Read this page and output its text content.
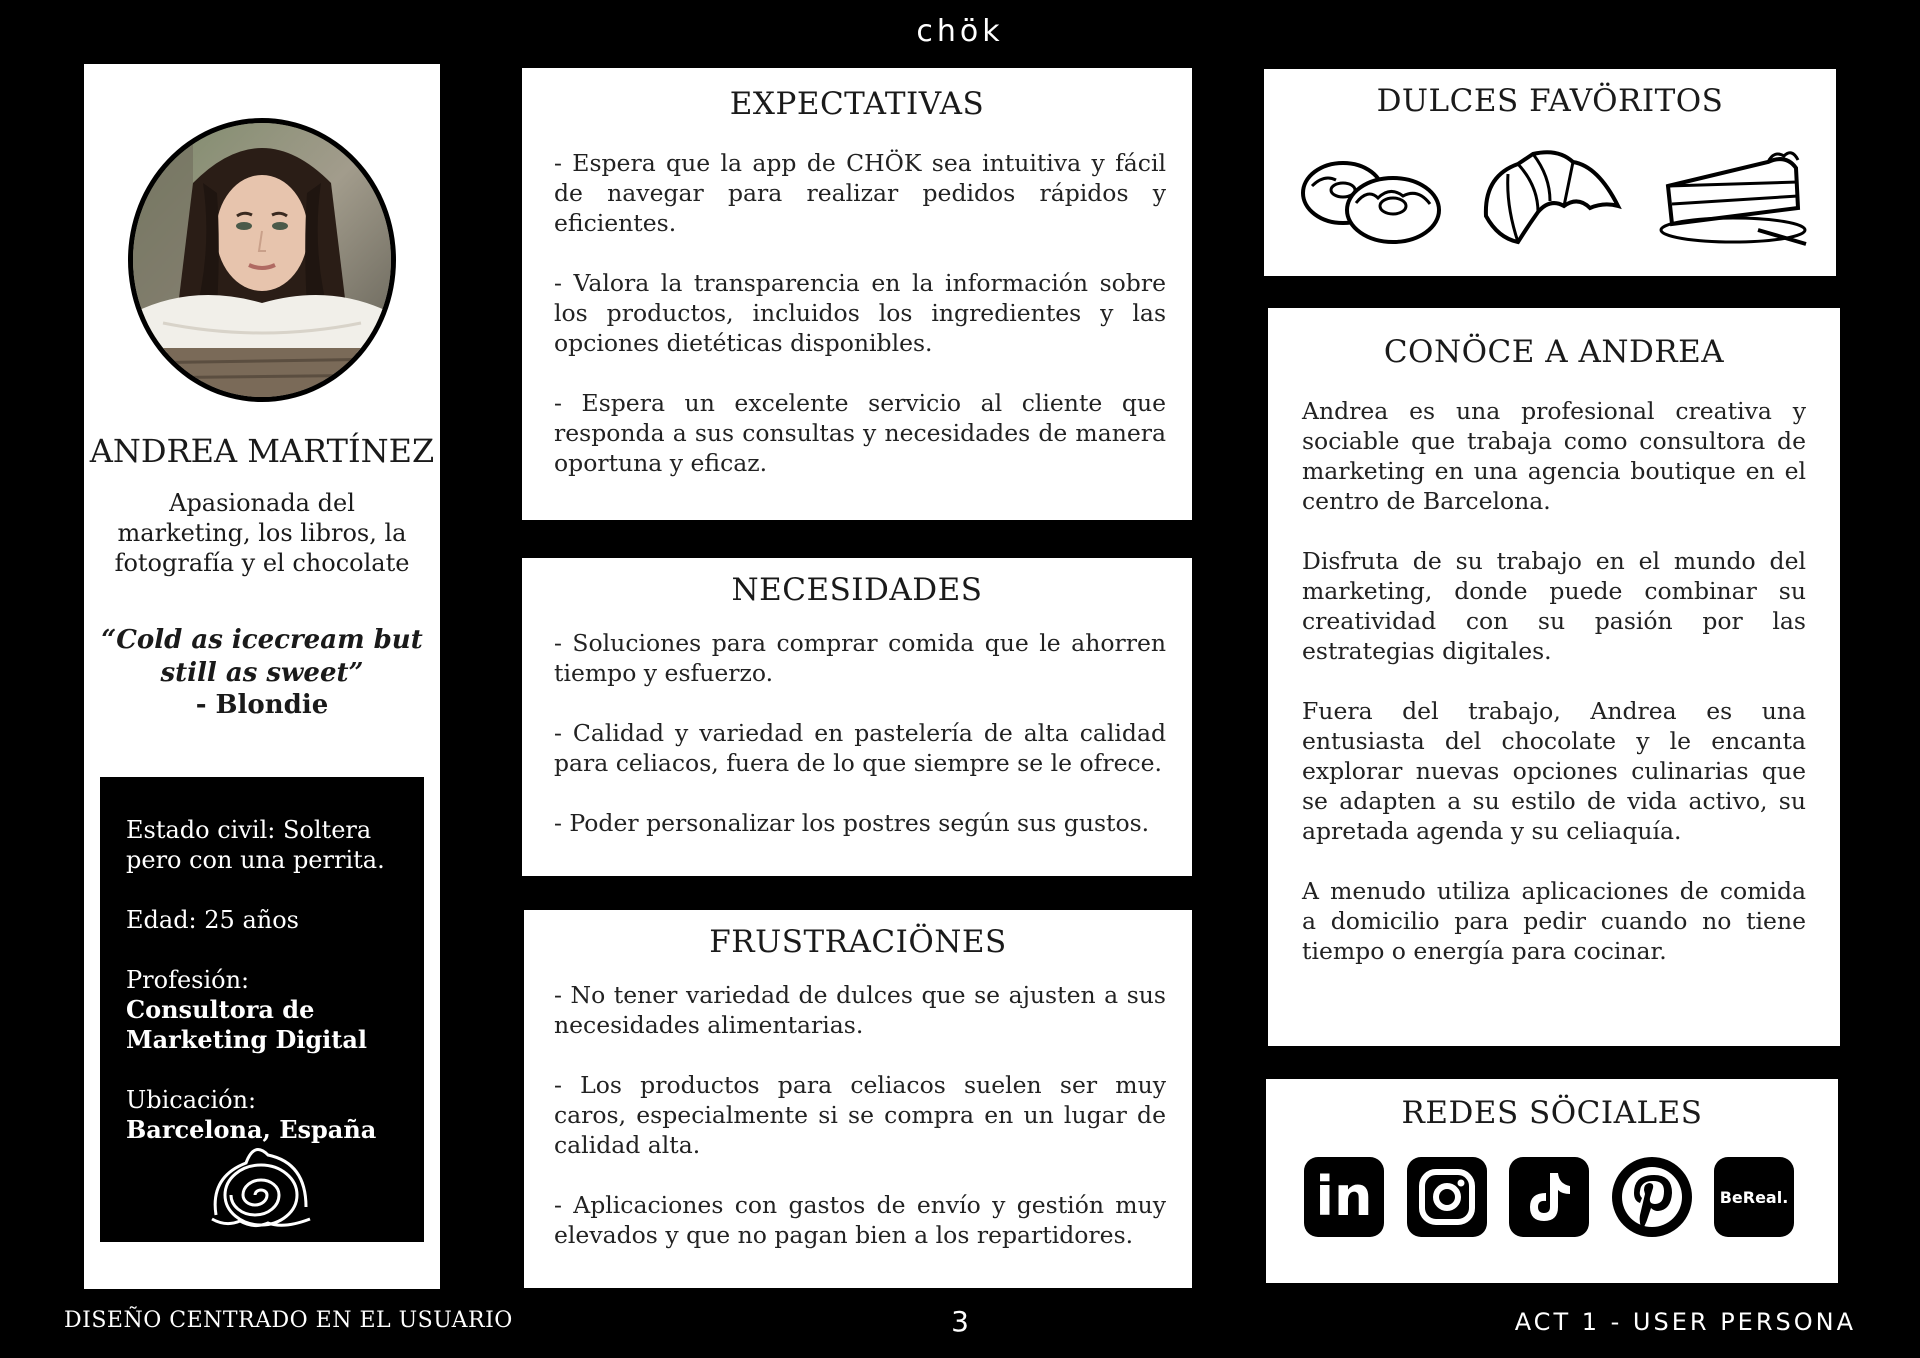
chök
ANDREA MARTÍNEZ
Apasionada del marketing, los libros, la fotografía y el chocolate
“Cold as icecream but still as sweet”
- Blondie
Estado civil: Soltera pero con una perrita.
Edad: 25 años
Profesión: Consultora de Marketing Digital
Ubicación: Barcelona, España
EXPECTATIVAS

- Espera que la app de CHÖK sea intuitiva y fácil de navegar para realizar pedidos rápidos y eficientes.

- Valora la transparencia en la información sobre los productos, incluidos los ingredientes y las opciones dietéticas disponibles.

- Espera un excelente servicio al cliente que responda a sus consultas y necesidades de manera oportuna y eficaz.

NECESIDADES

- Soluciones para comprar comida que le ahorren tiempo y esfuerzo.

- Calidad y variedad en pastelería de alta calidad para celiacos, fuera de lo que siempre se le ofrece.

- Poder personalizar los postres según sus gustos.

FRUSTRACIÖNES

- No tener variedad de dulces que se ajusten a sus necesidades alimentarias.

- Los productos para celiacos suelen ser muy caros, especialmente si se compra en un lugar de calidad alta.

- Aplicaciones con gastos de envío y gestión muy elevados y que no pagan bien a los repartidores.

DULCES FAVÖRITOS
CONÖCE A ANDREA

Andrea es una profesional creativa y sociable que trabaja como consultora de marketing en una agencia boutique en el centro de Barcelona.

Disfruta de su trabajo en el mundo del marketing, donde puede combinar su creatividad con su pasión por las estrategias digitales.

Fuera del trabajo, Andrea es una entusiasta del chocolate y le encanta explorar nuevas opciones culinarias que se adapten a su estilo de vida activo, su apretada agenda y su celiaquía.

A menudo utiliza aplicaciones de comida a domicilio para pedir cuando no tiene tiempo o energía para cocinar.

REDES SÖCIALES
in	BeReal.
DISEÑO CENTRADO EN EL USUARIO	3	ACT 1 - USER PERSONA
